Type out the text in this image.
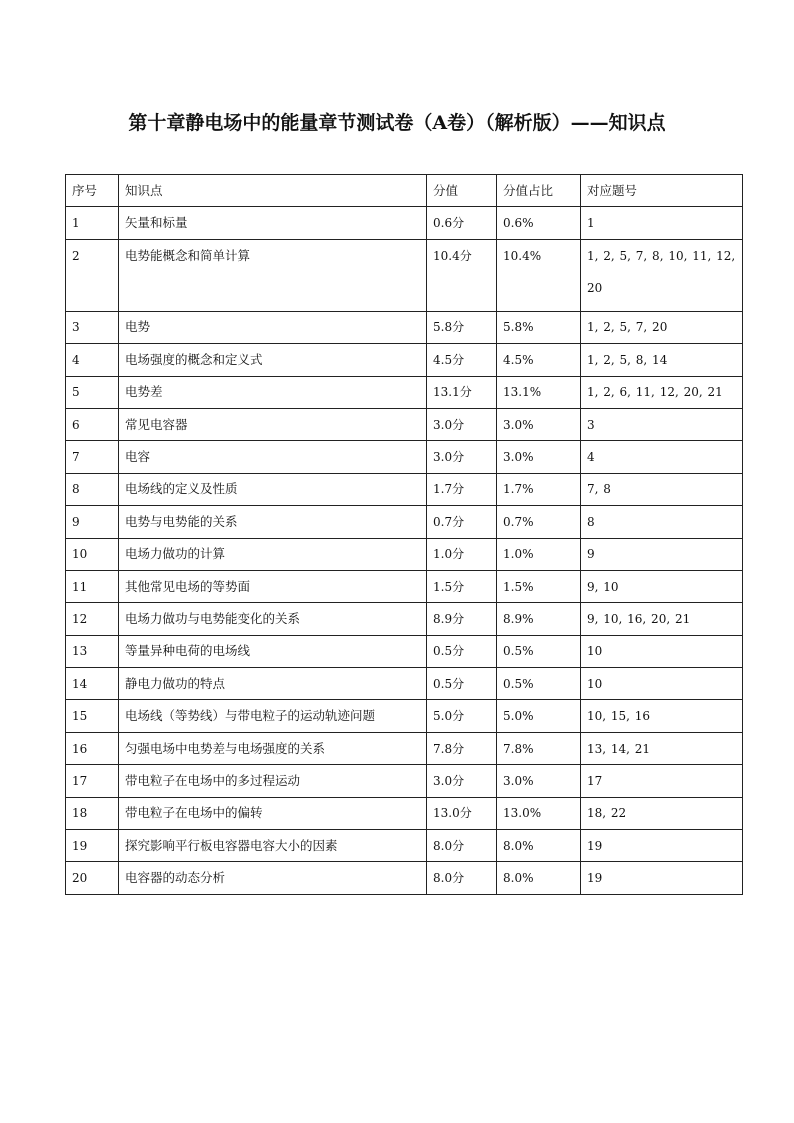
第十章静电场中的能量章节测试卷（A卷）（解析版）——知识点
序号	知识点	分值	分值占比	对应题号
1	矢量和标量	0.6分	0.6%	1
2	电势能概念和简单计算	10.4分	10.4%	1, 2, 5, 7, 8, 10, 11, 12, 20
3	电势	5.8分	5.8%	1, 2, 5, 7, 20
4	电场强度的概念和定义式	4.5分	4.5%	1, 2, 5, 8, 14
5	电势差	13.1分	13.1%	1, 2, 6, 11, 12, 20, 21
6	常见电容器	3.0分	3.0%	3
7	电容	3.0分	3.0%	4
8	电场线的定义及性质	1.7分	1.7%	7, 8
9	电势与电势能的关系	0.7分	0.7%	8
10	电场力做功的计算	1.0分	1.0%	9
11	其他常见电场的等势面	1.5分	1.5%	9, 10
12	电场力做功与电势能变化的关系	8.9分	8.9%	9, 10, 16, 20, 21
13	等量异种电荷的电场线	0.5分	0.5%	10
14	静电力做功的特点	0.5分	0.5%	10
15	电场线（等势线）与带电粒子的运动轨迹问题	5.0分	5.0%	10, 15, 16
16	匀强电场中电势差与电场强度的关系	7.8分	7.8%	13, 14, 21
17	带电粒子在电场中的多过程运动	3.0分	3.0%	17
18	带电粒子在电场中的偏转	13.0分	13.0%	18, 22
19	探究影响平行板电容器电容大小的因素	8.0分	8.0%	19
20	电容器的动态分析	8.0分	8.0%	19
